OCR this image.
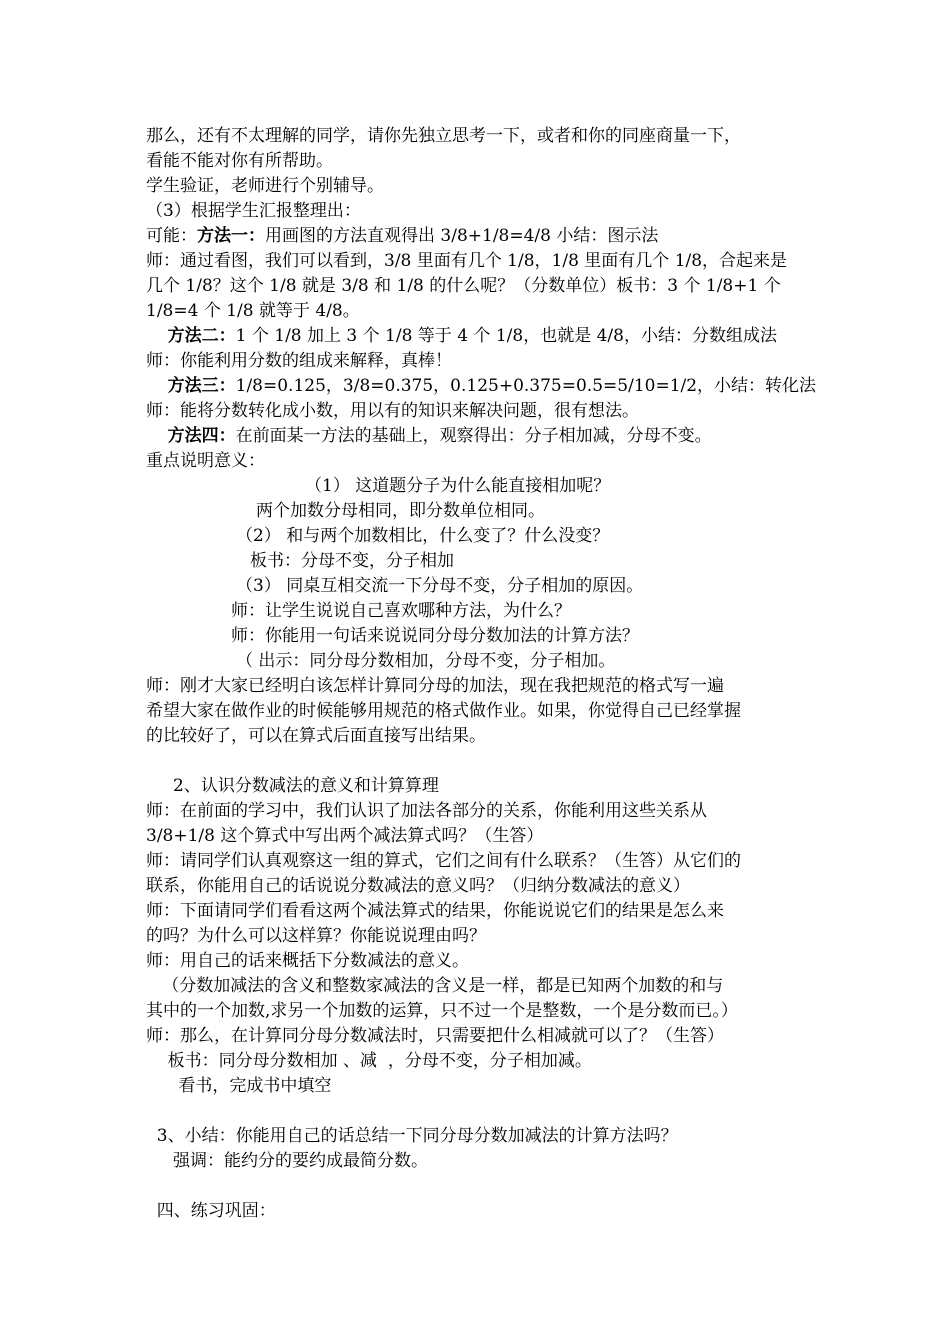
那么，还有不太理解的同学，请你先独立思考一下，或者和你的同座商量一下，
看能不能对你有所帮助。
学生验证，老师进行个别辅导。
（3）根据学生汇报整理出：
可能：方法一：用画图的方法直观得出 3/8+1/8=4/8 小结：图示法
师：通过看图，我们可以看到，3/8 里面有几个 1/8，1/8 里面有几个 1/8，合起来是
几个 1/8？这个 1/8 就是 3/8 和 1/8 的什么呢？（分数单位）板书：3 个 1/8+1 个
1/8=4 个 1/8 就等于 4/8。
方法二：1 个 1/8 加上 3 个 1/8 等于 4 个 1/8，也就是 4/8，小结：分数组成法
师：你能利用分数的组成来解释，真棒！
方法三：1/8=0.125，3/8=0.375，0.125+0.375=0.5=5/10=1/2，小结：转化法
师：能将分数转化成小数，用以有的知识来解决问题，很有想法。
方法四：在前面某一方法的基础上，观察得出：分子相加减，分母不变。
重点说明意义：
（1） 这道题分子为什么能直接相加呢？
两个加数分母相同，即分数单位相同。
（2） 和与两个加数相比，什么变了？什么没变？
板书：分母不变，分子相加
（3） 同桌互相交流一下分母不变，分子相加的原因。
师：让学生说说自己喜欢哪种方法，为什么？
师：你能用一句话来说说同分母分数加法的计算方法？
（ 出示：同分母分数相加，分母不变，分子相加。
师：刚才大家已经明白该怎样计算同分母的加法，现在我把规范的格式写一遍
希望大家在做作业的时候能够用规范的格式做作业。如果，你觉得自己已经掌握
的比较好了，可以在算式后面直接写出结果。
2、认识分数减法的意义和计算算理
师：在前面的学习中，我们认识了加法各部分的关系，你能利用这些关系从
3/8+1/8 这个算式中写出两个减法算式吗？（生答）
师：请同学们认真观察这一组的算式，它们之间有什么联系？（生答）从它们的
联系，你能用自己的话说说分数减法的意义吗？（归纳分数减法的意义）
师：下面请同学们看看这两个减法算式的结果，你能说说它们的结果是怎么来
的吗？为什么可以这样算？你能说说理由吗？
师：用自己的话来概括下分数减法的意义。
（分数加减法的含义和整数家减法的含义是一样，都是已知两个加数的和与
其中的一个加数,求另一个加数的运算，只不过一个是整数，一个是分数而已。）
师：那么，在计算同分母分数减法时，只需要把什么相减就可以了？（生答）
板书：同分母分数相加 、减  ，分母不变，分子相加减。
看书，完成书中填空
3、小结：你能用自己的话总结一下同分母分数加减法的计算方法吗？
强调：能约分的要约成最简分数。
四、练习巩固：
